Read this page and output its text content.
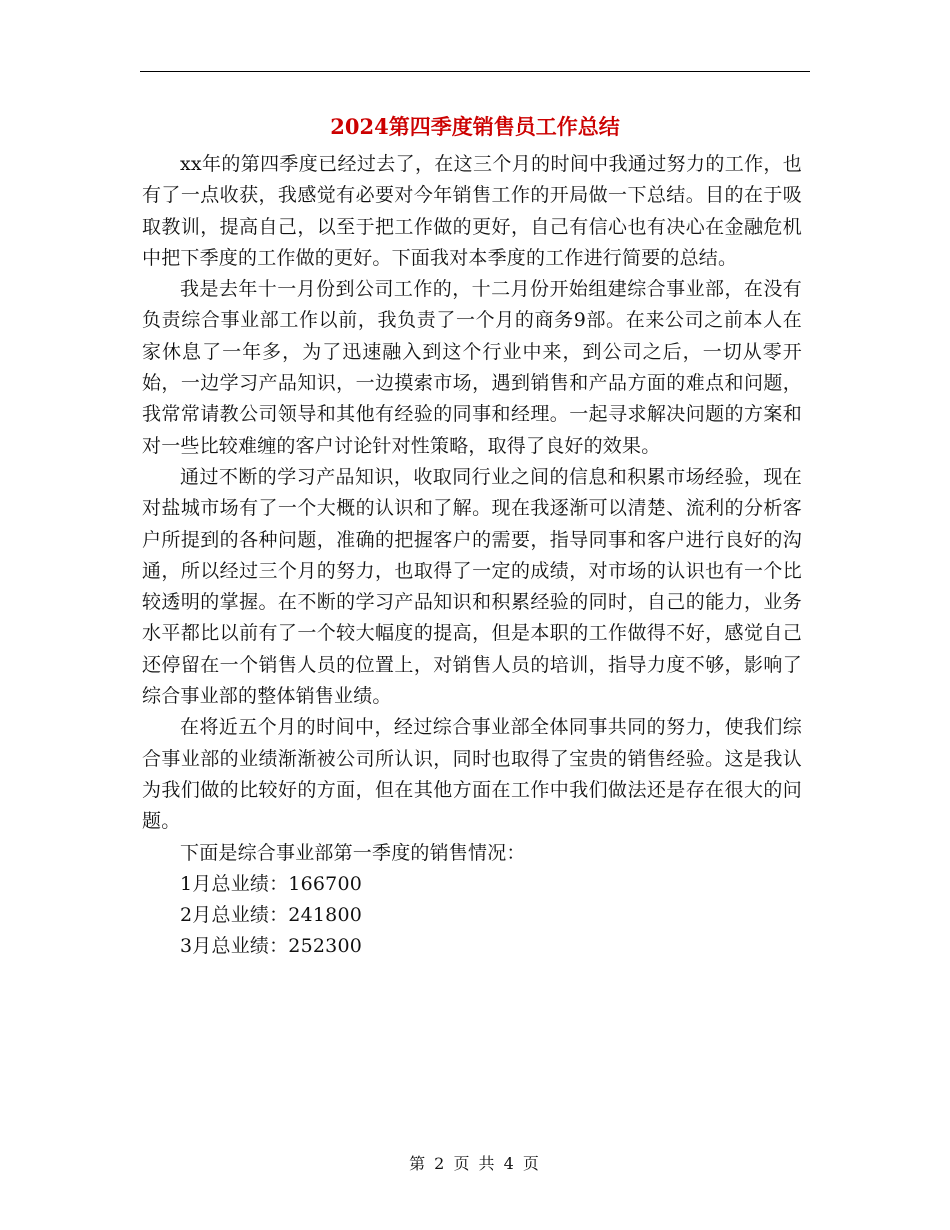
2024第四季度销售员工作总结

xx年的第四季度已经过去了，在这三个月的时间中我通过努力的工作，也有了一点收获，我感觉有必要对今年销售工作的开局做一下总结。目的在于吸取教训，提高自己，以至于把工作做的更好，自己有信心也有决心在金融危机中把下季度的工作做的更好。下面我对本季度的工作进行简要的总结。

我是去年十一月份到公司工作的，十二月份开始组建综合事业部，在没有负责综合事业部工作以前，我负责了一个月的商务9部。在来公司之前本人在家休息了一年多，为了迅速融入到这个行业中来，到公司之后，一切从零开始，一边学习产品知识，一边摸索市场，遇到销售和产品方面的难点和问题，我常常请教公司领导和其他有经验的同事和经理。一起寻求解决问题的方案和对一些比较难缠的客户讨论针对性策略，取得了良好的效果。

通过不断的学习产品知识，收取同行业之间的信息和积累市场经验，现在对盐城市场有了一个大概的认识和了解。现在我逐渐可以清楚、流利的分析客户所提到的各种问题，准确的把握客户的需要，指导同事和客户进行良好的沟通，所以经过三个月的努力，也取得了一定的成绩，对市场的认识也有一个比较透明的掌握。在不断的学习产品知识和积累经验的同时，自己的能力，业务水平都比以前有了一个较大幅度的提高，但是本职的工作做得不好，感觉自己还停留在一个销售人员的位置上，对销售人员的培训，指导力度不够，影响了综合事业部的整体销售业绩。

在将近五个月的时间中，经过综合事业部全体同事共同的努力，使我们综合事业部的业绩渐渐被公司所认识，同时也取得了宝贵的销售经验。这是我认为我们做的比较好的方面，但在其他方面在工作中我们做法还是存在很大的问题。

下面是综合事业部第一季度的销售情况：

1月总业绩：166700

2月总业绩：241800

3月总业绩：252300

第 2 页 共 4 页
